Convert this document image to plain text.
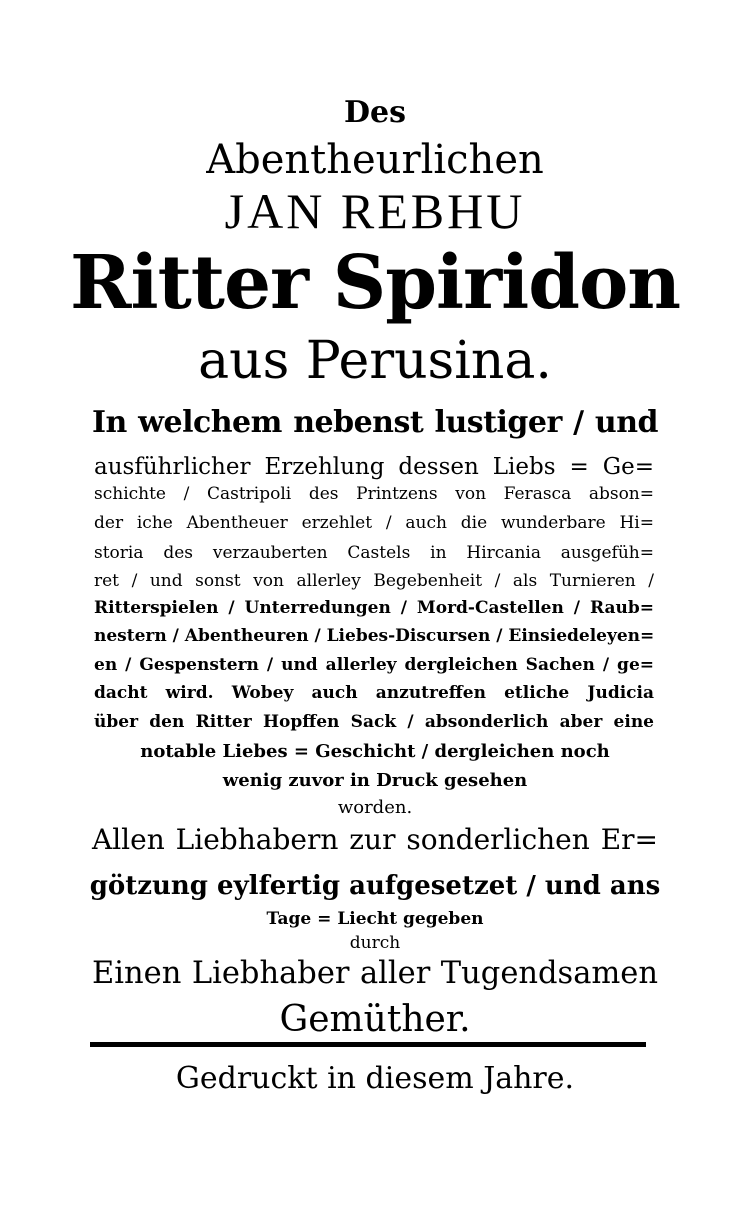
Des
Abentheurlichen
JAN REBHU
Ritter Spiridon
aus Perusina.
In welchem nebenst lustiger / und
ausführlicher Erzehlung dessen Liebs = Ge=
schichte / Castripoli des Printzens von Ferasca abson=
der iche Abentheuer erzehlet / auch die wunderbare Hi=
storia des verzauberten Castels in Hircania ausgefüh=
ret / und sonst von allerley Begebenheit / als Turnieren /
Ritterspielen / Unterredungen / Mord-Castellen / Raub=
nestern / Abentheuren / Liebes-Discursen / Einsiedeleyen=
en / Gespenstern / und allerley dergleichen Sachen / ge=
dacht wird. Wobey auch anzutreffen etliche Judicia
über den Ritter Hopffen Sack / absonderlich aber eine
notable Liebes = Geschicht / dergleichen noch
wenig zuvor in Druck gesehen
worden.
Allen Liebhabern zur sonderlichen Er=
götzung eylfertig aufgesetzet / und ans
Tage = Liecht gegeben
durch
Einen Liebhaber aller Tugendsamen
Gemüther.
Gedruckt in diesem Jahre.
